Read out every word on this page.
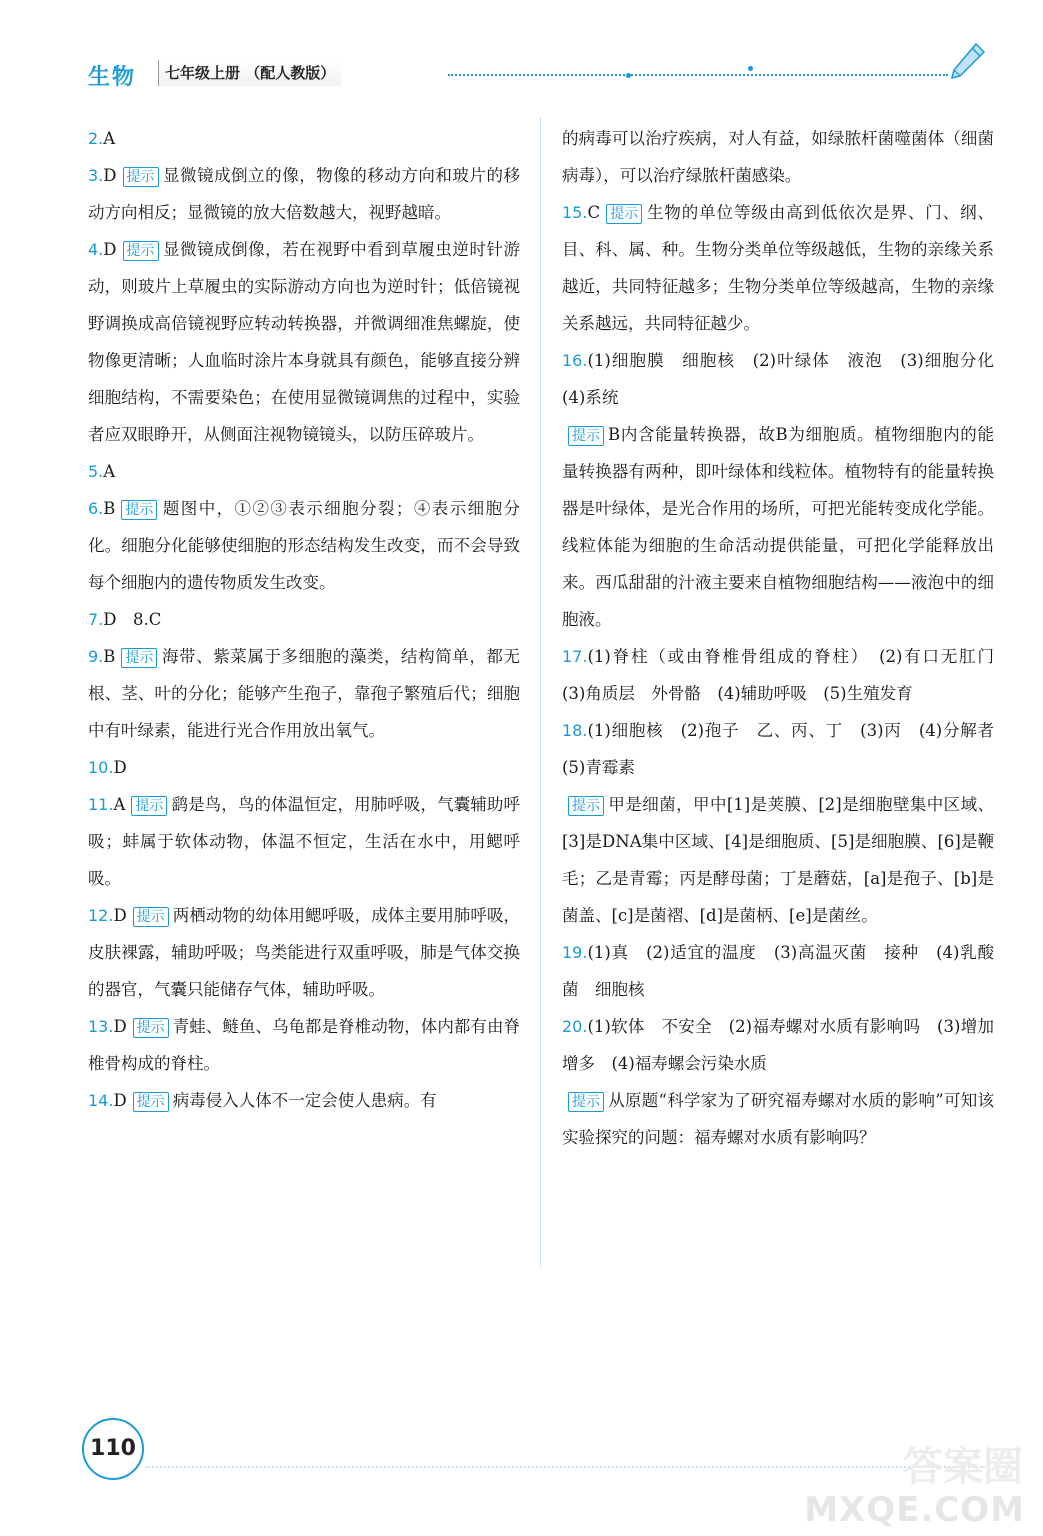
生物	七年级上册 （配人教版）

2.A

3.D 提示 显微镜成倒立的像，物像的移动方向和玻片的移动方向相反；显微镜的放大倍数越大，视野越暗。

4.D 提示 显微镜成倒像，若在视野中看到草履虫逆时针游动，则玻片上草履虫的实际游动方向也为逆时针；低倍镜视野调换成高倍镜视野应转动转换器，并微调细准焦螺旋，使物像更清晰；人血临时涂片本身就具有颜色，能够直接分辨细胞结构，不需要染色；在使用显微镜调焦的过程中，实验者应双眼睁开，从侧面注视物镜镜头，以防压碎玻片。

5.A

6.B 提示 题图中，①②③表示细胞分裂；④表示细胞分化。细胞分化能够使细胞的形态结构发生改变，而不会导致每个细胞内的遗传物质发生改变。

7.D　8.C

9.B 提示 海带、紫菜属于多细胞的藻类，结构简单，都无根、茎、叶的分化；能够产生孢子，靠孢子繁殖后代；细胞中有叶绿素，能进行光合作用放出氧气。

10.D

11.A 提示 鹞是鸟，鸟的体温恒定，用肺呼吸，气囊辅助呼吸；蚌属于软体动物，体温不恒定，生活在水中，用鳃呼吸。

12.D 提示 两栖动物的幼体用鳃呼吸，成体主要用肺呼吸，皮肤裸露，辅助呼吸；鸟类能进行双重呼吸，肺是气体交换的器官，气囊只能储存气体，辅助呼吸。

13.D 提示 青蛙、鲢鱼、乌龟都是脊椎动物，体内都有由脊椎骨构成的脊柱。

14.D 提示 病毒侵入人体不一定会使人患病。有

的病毒可以治疗疾病，对人有益，如绿脓杆菌噬菌体（细菌病毒），可以治疗绿脓杆菌感染。

15.C 提示 生物的单位等级由高到低依次是界、门、纲、目、科、属、种。生物分类单位等级越低，生物的亲缘关系越近，共同特征越多；生物分类单位等级越高，生物的亲缘关系越远，共同特征越少。

16.(1)细胞膜　细胞核　(2)叶绿体　液泡　(3)细胞分化　(4)系统

提示 B内含能量转换器，故B为细胞质。植物细胞内的能量转换器有两种，即叶绿体和线粒体。植物特有的能量转换器是叶绿体，是光合作用的场所，可把光能转变成化学能。线粒体能为细胞的生命活动提供能量，可把化学能释放出来。西瓜甜甜的汁液主要来自植物细胞结构——液泡中的细胞液。

17.(1)脊柱（或由脊椎骨组成的脊柱）　(2)有口无肛门　(3)角质层　外骨骼　(4)辅助呼吸　(5)生殖发育

18.(1)细胞核　(2)孢子　乙、丙、丁　(3)丙　(4)分解者　(5)青霉素

提示 甲是细菌，甲中[1]是荚膜、[2]是细胞壁集中区域、[3]是DNA集中区域、[4]是细胞质、[5]是细胞膜、[6]是鞭毛；乙是青霉；丙是酵母菌；丁是蘑菇，[a]是孢子、[b]是菌盖、[c]是菌褶、[d]是菌柄、[e]是菌丝。

19.(1)真　(2)适宜的温度　(3)高温灭菌　接种　(4)乳酸菌　细胞核

20.(1)软体　不安全　(2)福寿螺对水质有影响吗　(3)增加　增多　(4)福寿螺会污染水质

提示 从原题“科学家为了研究福寿螺对水质的影响”可知该实验探究的问题：福寿螺对水质有影响吗？

110	答案圈
MXQE.COM
